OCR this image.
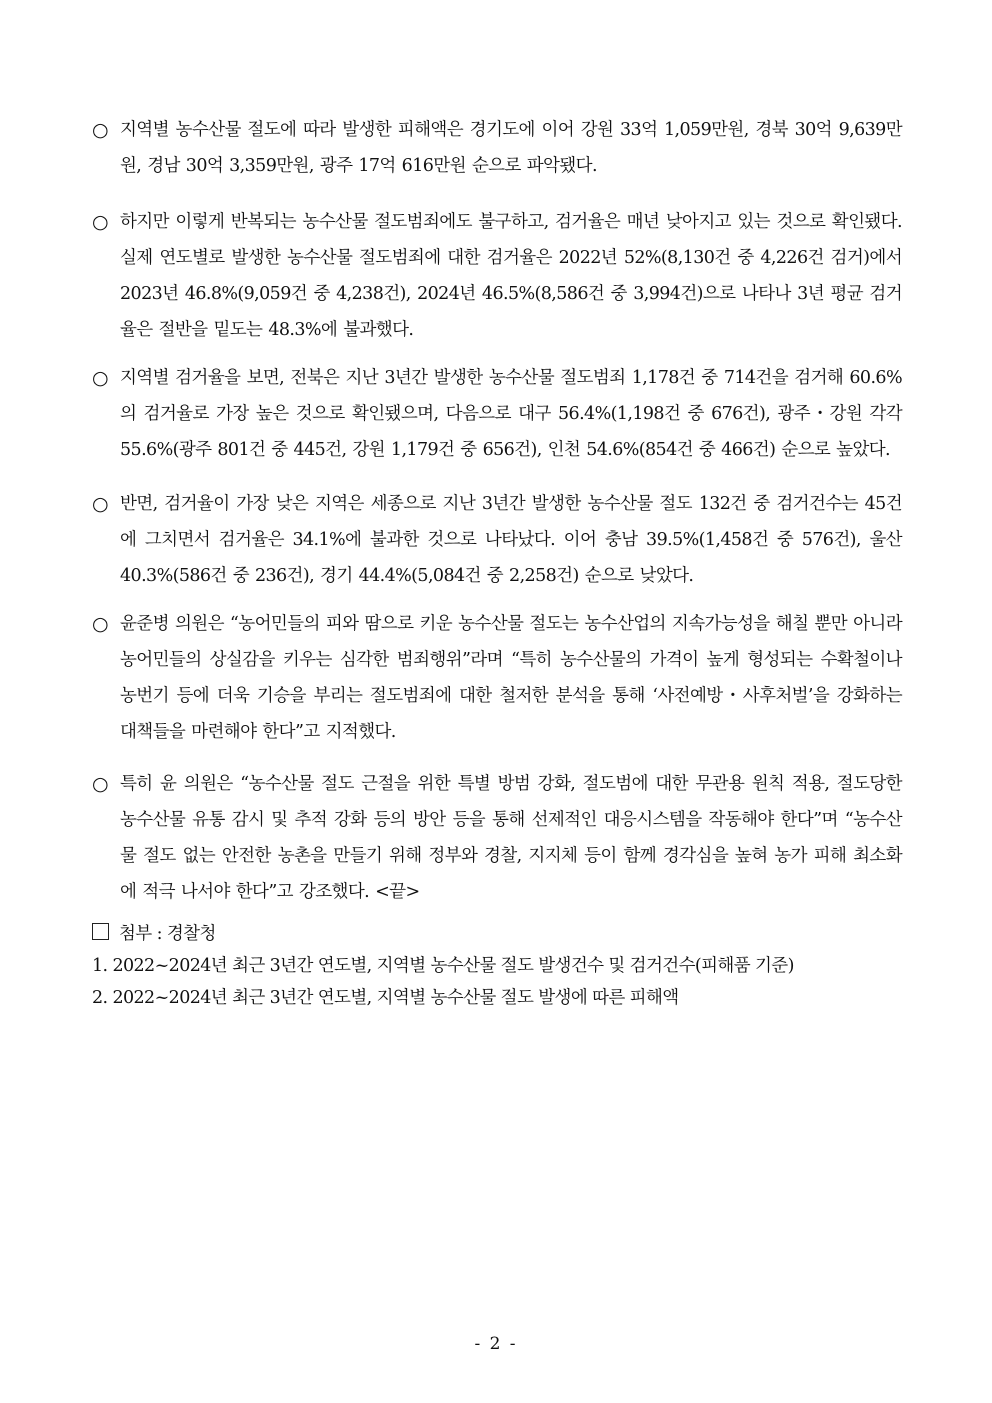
○ 지역별 농수산물 절도에 따라 발생한 피해액은 경기도에 이어 강원 33억 1,059만원, 경북 30억 9,639만원, 경남 30억 3,359만원, 광주 17억 616만원 순으로 파악됐다.
○ 하지만 이렇게 반복되는 농수산물 절도범죄에도 불구하고, 검거율은 매년 낮아지고 있는 것으로 확인됐다. 실제 연도별로 발생한 농수산물 절도범죄에 대한 검거율은 2022년 52%(8,130건 중 4,226건 검거)에서 2023년 46.8%(9,059건 중 4,238건), 2024년 46.5%(8,586건 중 3,994건)으로 나타나 3년 평균 검거율은 절반을 밑도는 48.3%에 불과했다.
○ 지역별 검거율을 보면, 전북은 지난 3년간 발생한 농수산물 절도범죄 1,178건 중 714건을 검거해 60.6%의 검거율로 가장 높은 것으로 확인됐으며, 다음으로 대구 56.4%(1,198건 중 676건), 광주・강원 각각 55.6%(광주 801건 중 445건, 강원 1,179건 중 656건), 인천 54.6%(854건 중 466건) 순으로 높았다.
○ 반면, 검거율이 가장 낮은 지역은 세종으로 지난 3년간 발생한 농수산물 절도 132건 중 검거건수는 45건에 그치면서 검거율은 34.1%에 불과한 것으로 나타났다. 이어 충남 39.5%(1,458건 중 576건), 울산 40.3%(586건 중 236건), 경기 44.4%(5,084건 중 2,258건) 순으로 낮았다.
○ 윤준병 의원은 “농어민들의 피와 땀으로 키운 농수산물 절도는 농수산업의 지속가능성을 해칠 뿐만 아니라 농어민들의 상실감을 키우는 심각한 범죄행위”라며 “특히 농수산물의 가격이 높게 형성되는 수확철이나 농번기 등에 더욱 기승을 부리는 절도범죄에 대한 철저한 분석을 통해 ‘사전예방・사후처벌’을 강화하는 대책들을 마련해야 한다”고 지적했다.
○ 특히 윤 의원은 “농수산물 절도 근절을 위한 특별 방범 강화, 절도범에 대한 무관용 원칙 적용, 절도당한 농수산물 유통 감시 및 추적 강화 등의 방안 등을 통해 선제적인 대응시스템을 작동해야 한다”며 “농수산물 절도 없는 안전한 농촌을 만들기 위해 정부와 경찰, 지지체 등이 함께 경각심을 높혀 농가 피해 최소화에 적극 나서야 한다”고 강조했다. <끝>
첨부 : 경찰청
1. 2022~2024년 최근 3년간 연도별, 지역별 농수산물 절도 발생건수 및 검거건수(피해품 기준)
2. 2022~2024년 최근 3년간 연도별, 지역별 농수산물 절도 발생에 따른 피해액
- 2 -
